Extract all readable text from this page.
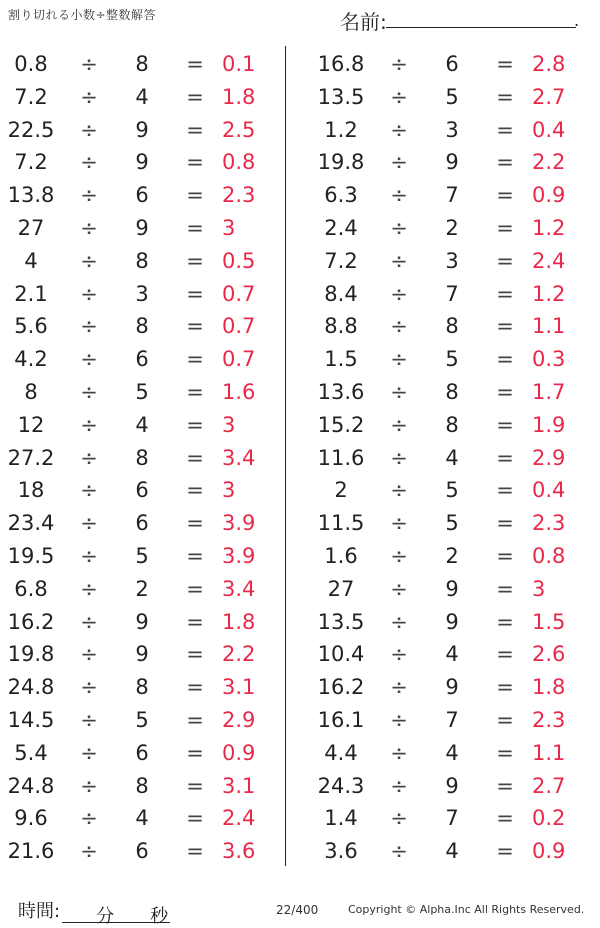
割り切れる小数÷整数解答	名前:	.
0.8	÷	8	= 0.1
7.2	÷	4	= 1.8
22.5	÷	9	= 2.5
7.2	÷	9	= 0.8
13.8	÷	6	= 2.3
27	÷	9	= 3
4	÷	8	= 0.5
2.1	÷	3	= 0.7
5.6	÷	8	= 0.7
4.2	÷	6	= 0.7
8	÷	5	= 1.6
12	÷	4	= 3
27.2	÷	8	= 3.4
18	÷	6	= 3
23.4	÷	6	= 3.9
19.5	÷	5	= 3.9
6.8	÷	2	= 3.4
16.2	÷	9	= 1.8
19.8	÷	9	= 2.2
24.8	÷	8	= 3.1
14.5	÷	5	= 2.9
5.4	÷	6	= 0.9
24.8	÷	8	= 3.1
9.6	÷	4	= 2.4
21.6	÷	6	= 3.6
16.8	÷	6	= 2.8
13.5	÷	5	= 2.7
1.2	÷	3	= 0.4
19.8	÷	9	= 2.2
6.3	÷	7	= 0.9
2.4	÷	2	= 1.2
7.2	÷	3	= 2.4
8.4	÷	7	= 1.2
8.8	÷	8	= 1.1
1.5	÷	5	= 0.3
13.6	÷	8	= 1.7
15.2	÷	8	= 1.9
11.6	÷	4	= 2.9
2	÷	5	= 0.4
11.5	÷	5	= 2.3
1.6	÷	2	= 0.8
27	÷	9	= 3
13.5	÷	9	= 1.5
10.4	÷	4	= 2.6
16.2	÷	9	= 1.8
16.1	÷	7	= 2.3
4.4	÷	4	= 1.1
24.3	÷	9	= 2.7
1.4	÷	7	= 0.2
3.6	÷	4	= 0.9
時間: 分 秒	22/400	Copyright © Alpha.Inc All Rights Reserved.
